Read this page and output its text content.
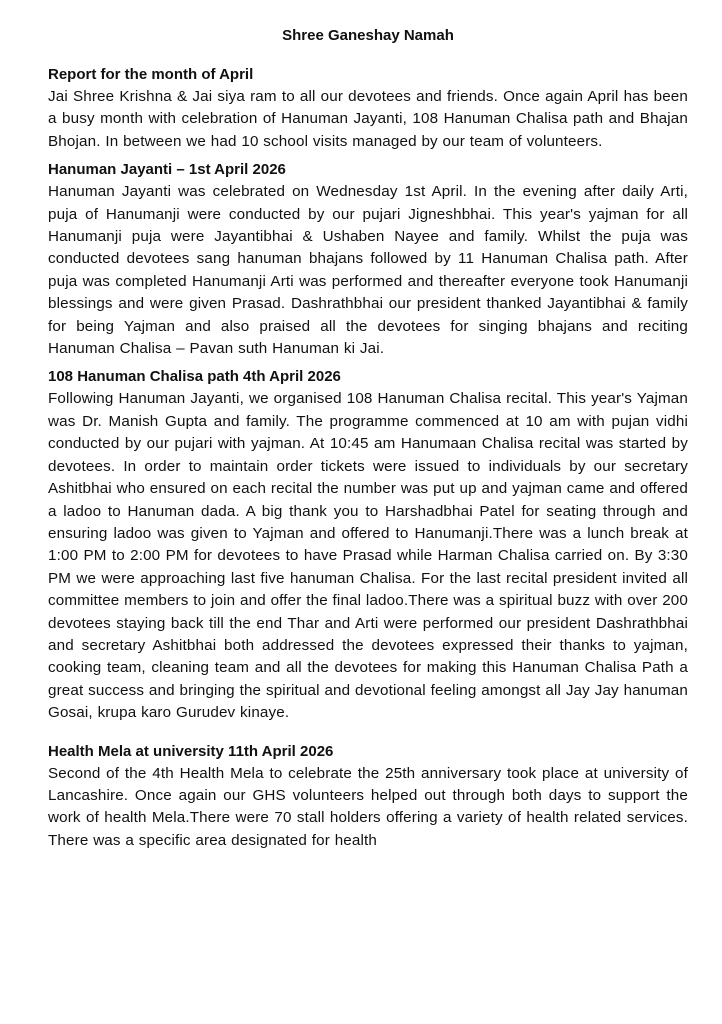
Shree Ganeshay Namah
Report for the month of April

Jai Shree Krishna & Jai siya ram to all our devotees and friends. Once again April has been a busy month with celebration of Hanuman Jayanti, 108 Hanuman Chalisa path and Bhajan Bhojan. In between we had 10 school visits managed by our team of volunteers.

Hanuman Jayanti – 1st April 2026

Hanuman Jayanti was celebrated on Wednesday 1st April. In the evening after daily Arti, puja of Hanumanji were conducted by our pujari Jigneshbhai. This year's yajman for all Hanumanji puja were Jayantibhai & Ushaben Nayee and family. Whilst the puja was conducted devotees sang hanuman bhajans followed by 11 Hanuman Chalisa path. After puja was completed Hanumanji Arti was performed and thereafter everyone took Hanumanji blessings and were given Prasad. Dashrathbhai our president thanked Jayantibhai & family for being Yajman and also praised all the devotees for singing bhajans and reciting Hanuman Chalisa – Pavan suth Hanuman ki Jai.

108 Hanuman Chalisa path 4th April 2026

Following Hanuman Jayanti, we organised 108 Hanuman Chalisa recital. This year's Yajman was Dr. Manish Gupta and family. The programme commenced at 10 am with pujan vidhi conducted by our pujari with yajman. At 10:45 am Hanumaan Chalisa recital was started by devotees. In order to maintain order tickets were issued to individuals by our secretary Ashitbhai who ensured on each recital the number was put up and yajman came and offered a ladoo to Hanuman dada. A big thank you to Harshadbhai Patel for seating through and ensuring ladoo was given to Yajman and offered to Hanumanji.There was a lunch break at 1:00 PM to 2:00 PM for devotees to have Prasad while Harman Chalisa carried on. By 3:30 PM we were approaching last five hanuman Chalisa. For the last recital president invited all committee members to join and offer the final ladoo.There was a spiritual buzz with over 200 devotees staying back till the end Thar and Arti were performed our president Dashrathbhai and secretary Ashitbhai both addressed the devotees expressed their thanks to yajman, cooking team, cleaning team and all the devotees for making this Hanuman Chalisa Path a great success and bringing the spiritual and devotional feeling amongst all Jay Jay hanuman Gosai, krupa karo Gurudev kinaye.

Health Mela at university 11th April 2026

Second of the 4th Health Mela to celebrate the 25th anniversary took place at university of Lancashire. Once again our GHS volunteers helped out through both days to support the work of health Mela.There were 70 stall holders offering a variety of health related services. There was a specific area designated for health
